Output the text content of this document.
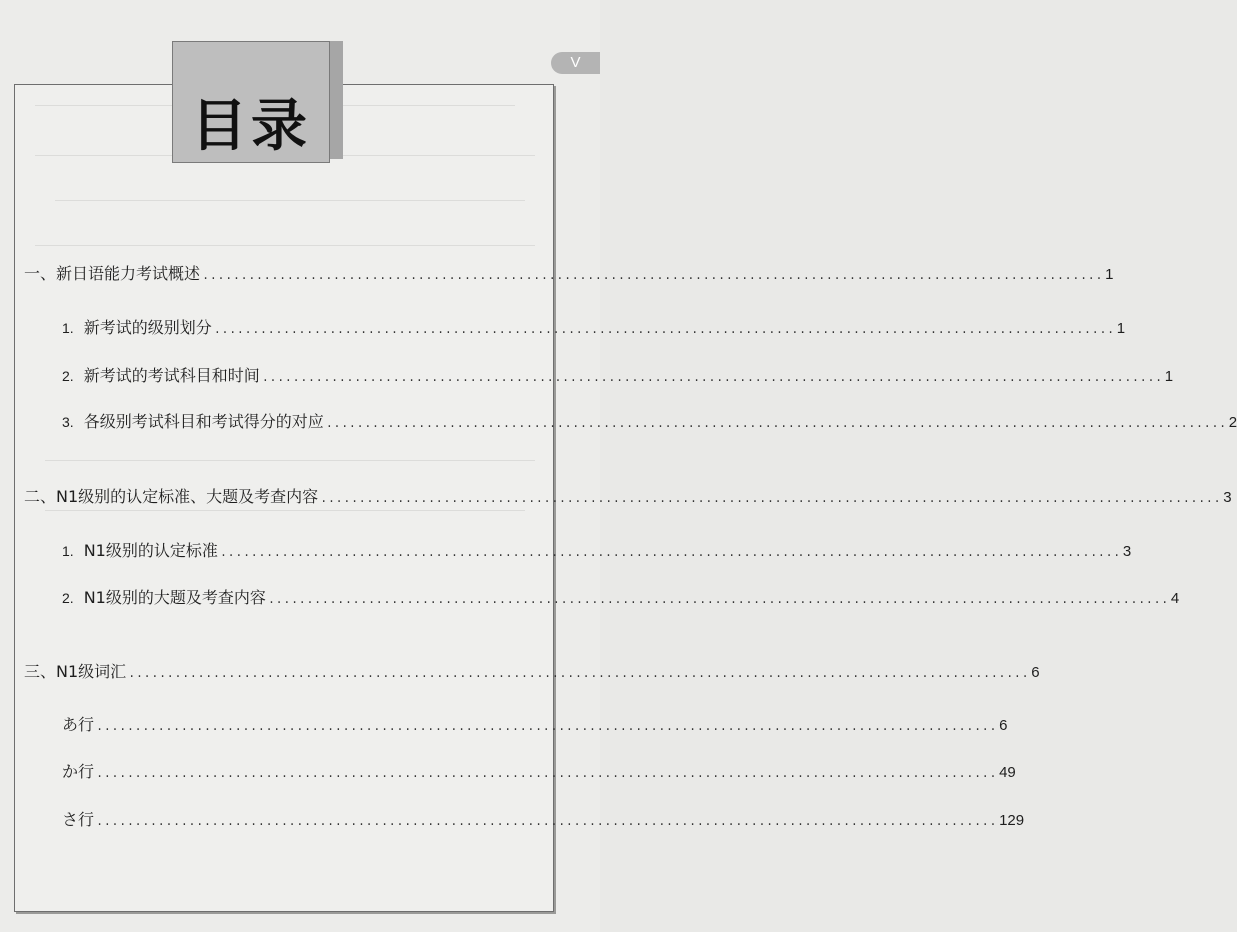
V
目录
一、新日语能力考试概述 ..................................................................................................................... 1
1. 新考试的级别划分 ..................................................................................................................... 1
2. 新考试的考试科目和时间 ..................................................................................................................... 1
3. 各级别考试科目和考试得分的对应 ..................................................................................................................... 2
二、N1级别的认定标准、大题及考查内容 ..................................................................................................................... 3
1. N1级别的认定标准 ..................................................................................................................... 3
2. N1级别的大题及考查内容 ..................................................................................................................... 4
三、N1级词汇 ..................................................................................................................... 6
あ行 ..................................................................................................................... 6
か行 ..................................................................................................................... 49
さ行 ..................................................................................................................... 129
